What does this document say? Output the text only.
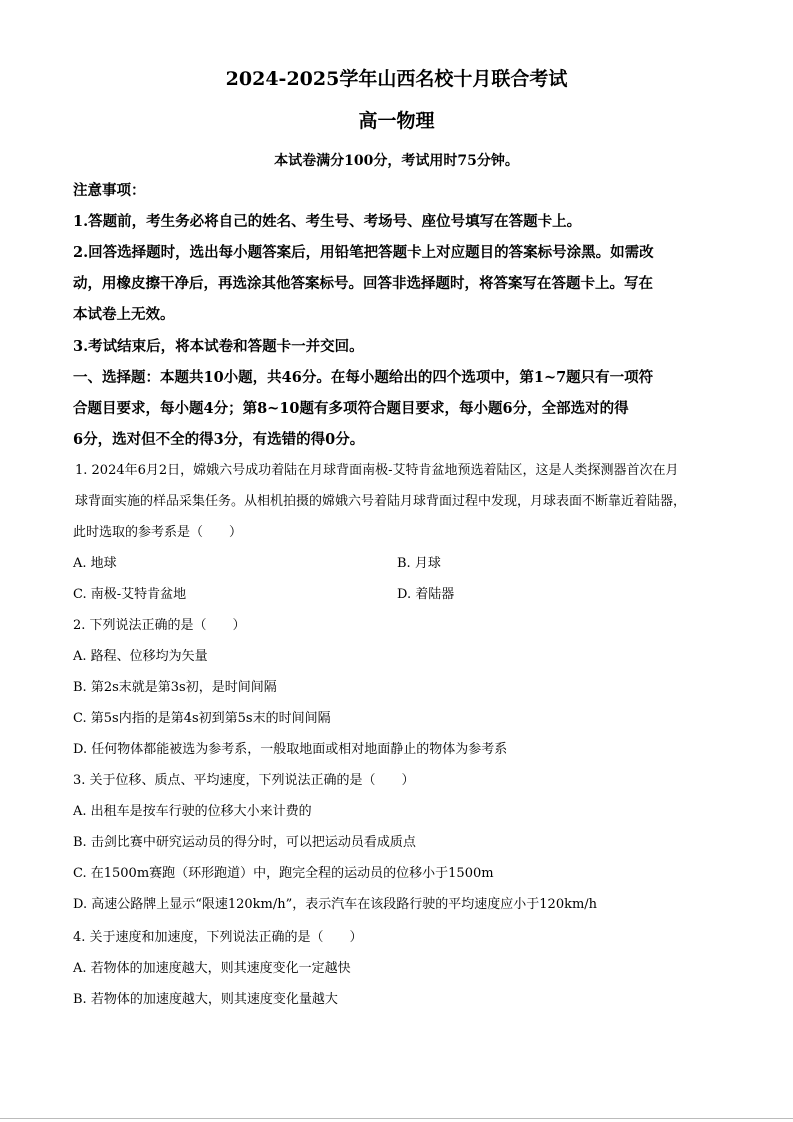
2024-2025学年山西名校十月联合考试
高一物理
本试卷满分100分，考试用时75分钟。
注意事项：
1.答题前，考生务必将自己的姓名、考生号、考场号、座位号填写在答题卡上。
2.回答选择题时，选出每小题答案后，用铅笔把答题卡上对应题目的答案标号涂黑。如需改
动，用橡皮擦干净后，再选涂其他答案标号。回答非选择题时，将答案写在答题卡上。写在
本试卷上无效。
3.考试结束后，将本试卷和答题卡一并交回。
一、选择题：本题共10小题，共46分。在每小题给出的四个选项中，第1~7题只有一项符
合题目要求，每小题4分；第8~10题有多项符合题目要求，每小题6分，全部选对的得
6分，选对但不全的得3分，有选错的得0分。
1. 2024年6月2日，嫦娥六号成功着陆在月球背面南极-艾特肯盆地预选着陆区，这是人类探测器首次在月
球背面实施的样品采集任务。从相机拍摄的嫦娥六号着陆月球背面过程中发现，月球表面不断靠近着陆器，
此时选取的参考系是（　　）
A. 地球	B. 月球
C. 南极-艾特肯盆地	D. 着陆器
2. 下列说法正确的是（　　）
A. 路程、位移均为矢量
B. 第2s末就是第3s初，是时间间隔
C. 第5s内指的是第4s初到第5s末的时间间隔
D. 任何物体都能被选为参考系，一般取地面或相对地面静止的物体为参考系
3. 关于位移、质点、平均速度，下列说法正确的是（　　）
A. 出租车是按车行驶的位移大小来计费的
B. 击剑比赛中研究运动员的得分时，可以把运动员看成质点
C. 在1500m赛跑（环形跑道）中，跑完全程的运动员的位移小于1500m
D. 高速公路牌上显示“限速120km/h”，表示汽车在该段路行驶的平均速度应小于120km/h
4. 关于速度和加速度，下列说法正确的是（　　）
A. 若物体的加速度越大，则其速度变化一定越快
B. 若物体的加速度越大，则其速度变化量越大
